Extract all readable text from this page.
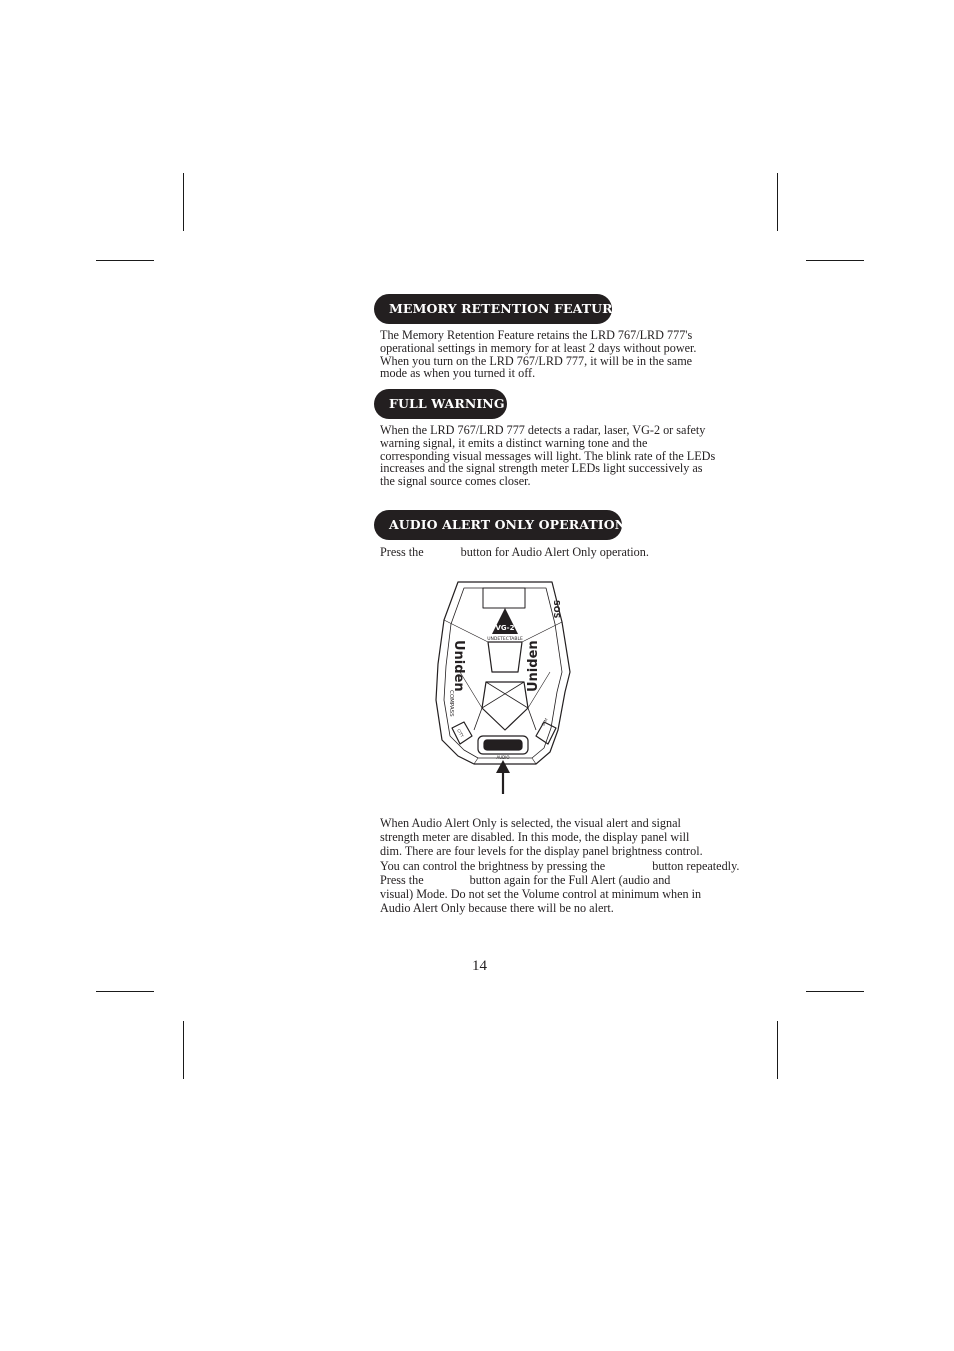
MEMORY RETENTION FEATURE
The Memory Retention Feature retains the LRD 767/LRD 777's
operational settings in memory for at least 2 days without power.
When you turn on the LRD 767/LRD 777, it will be in the same
mode as when you turned it off.
FULL WARNING
When the LRD 767/LRD 777 detects a radar, laser, VG-2 or safety
warning signal, it emits a distinct warning tone and the
corresponding visual messages will light. The blink rate of the LEDs
increases and the signal strength meter LEDs light successively as
the signal source comes closer.
AUDIO ALERT ONLY OPERATION
Press the	button for Audio Alert Only operation.
VG-2
UNDETECTABLE
Uniden	Uniden
COMPASS
SOS
CITY
DIM
AUDIO
When Audio Alert Only is selected, the visual alert and signal
strength meter are disabled. In this mode, the display panel will
dim. There are four levels for the display panel brightness control.
You can control the brightness by pressing the	button repeatedly.
Press the	button again for the Full Alert (audio and
visual) Mode. Do not set the Volume control at minimum when in
Audio Alert Only because there will be no alert.
14
